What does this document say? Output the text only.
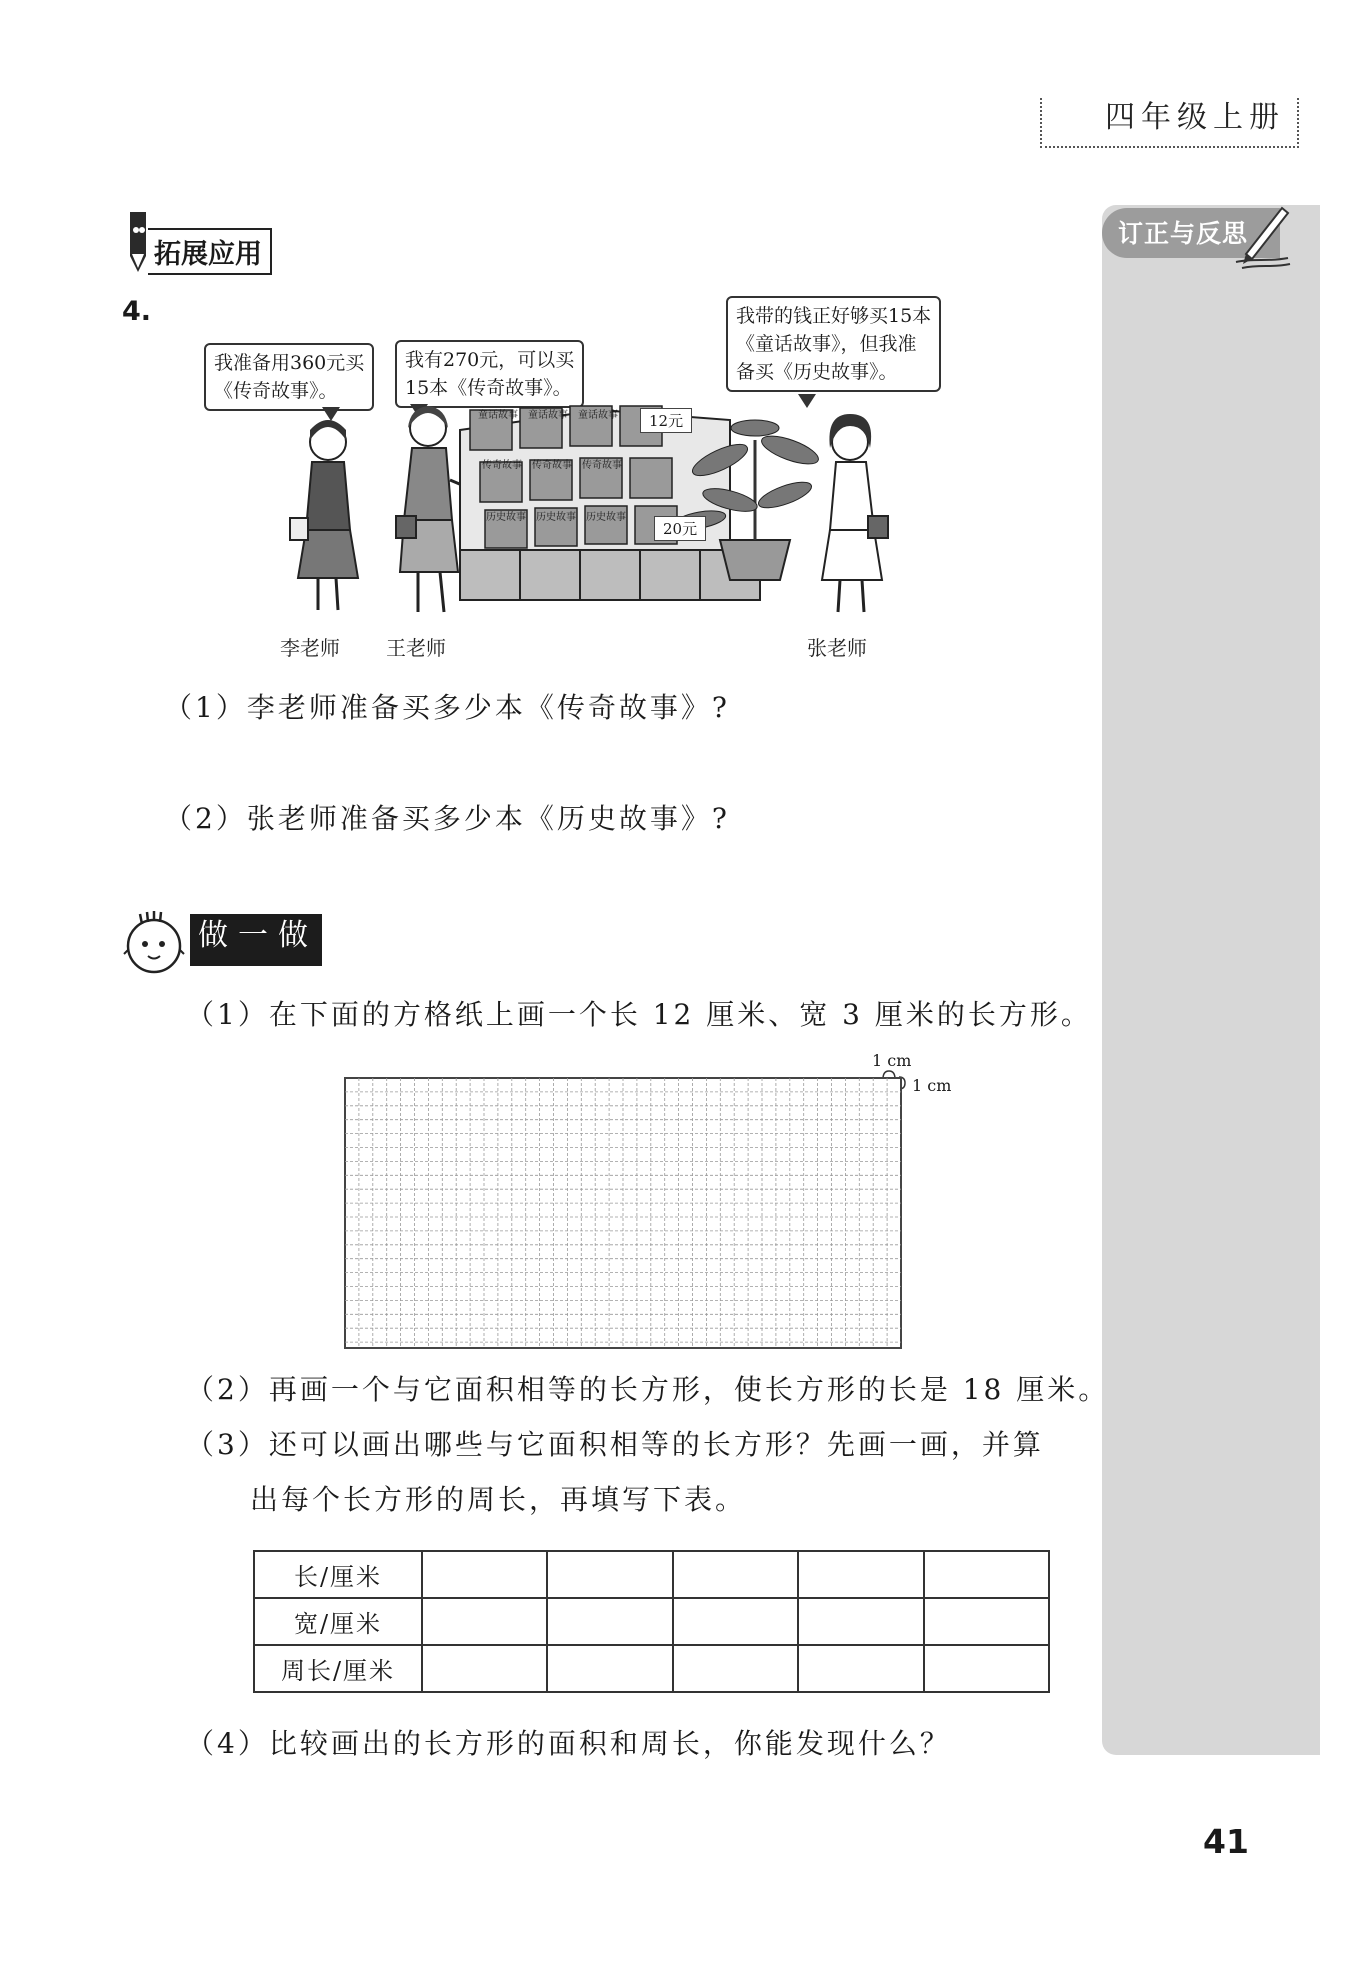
四年级上册
订正与反思
拓展应用
4.
我准备用360元买
《传奇故事》。
我有270元，可以买
15本《传奇故事》。
我带的钱正好够买15本
《童话故事》，但我准
备买《历史故事》。
童话故事 童话故事 童话故事
传奇故事 传奇故事 传奇故事
历史故事 历史故事 历史故事
12元
20元
李老师 王老师	张老师
（1）李老师准备买多少本《传奇故事》?
（2）张老师准备买多少本《历史故事》?
做一做
（1）在下面的方格纸上画一个长 12 厘米、宽 3 厘米的长方形。
1 cm
1 cm
（2）再画一个与它面积相等的长方形，使长方形的长是 18 厘米。
（3）还可以画出哪些与它面积相等的长方形？先画一画，并算
出每个长方形的周长，再填写下表。
长/厘米					
宽/厘米					
周长/厘米					
（4）比较画出的长方形的面积和周长，你能发现什么？
41
